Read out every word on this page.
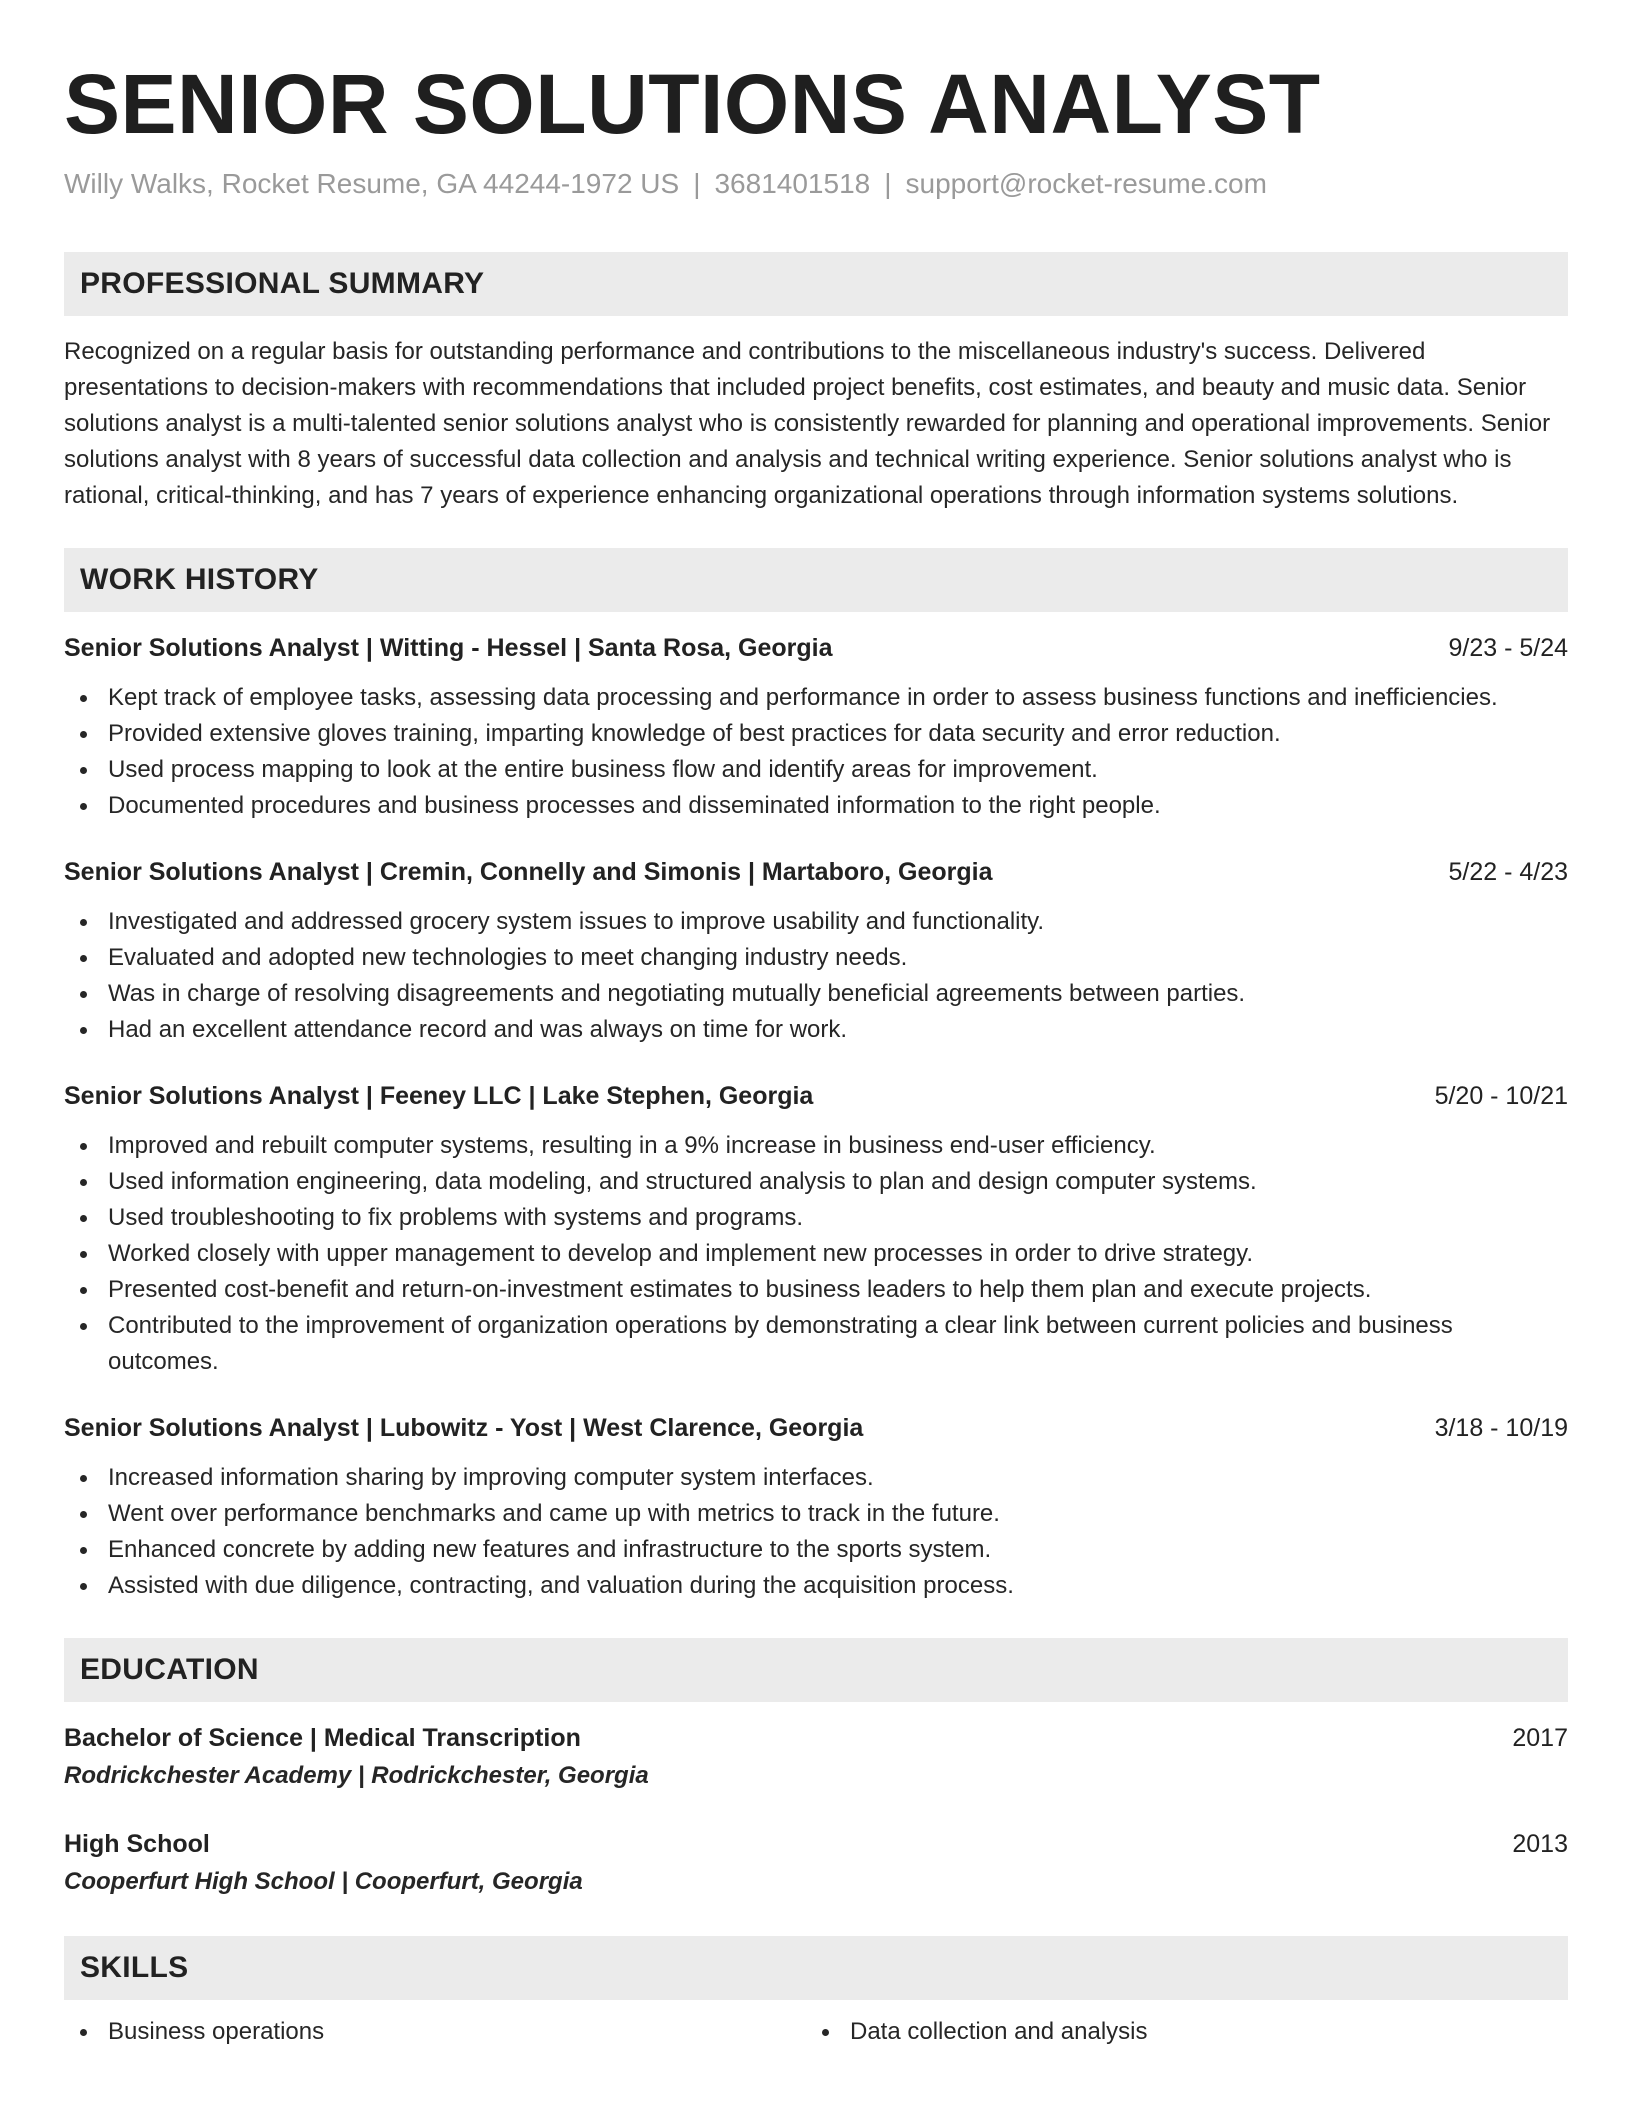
SENIOR SOLUTIONS ANALYST
Willy Walks, Rocket Resume, GA 44244-1972 US | 3681401518 | support@rocket-resume.com
PROFESSIONAL SUMMARY

Recognized on a regular basis for outstanding performance and contributions to the miscellaneous industry's success. Delivered presentations to decision-makers with recommendations that included project benefits, cost estimates, and beauty and music data. Senior solutions analyst is a multi-talented senior solutions analyst who is consistently rewarded for planning and operational improvements. Senior solutions analyst with 8 years of successful data collection and analysis and technical writing experience. Senior solutions analyst who is rational, critical-thinking, and has 7 years of experience enhancing organizational operations through information systems solutions.

WORK HISTORY
Senior Solutions Analyst | Witting - Hessel | Santa Rosa, Georgia	9/23 - 5/24
Kept track of employee tasks, assessing data processing and performance in order to assess business functions and inefficiencies.
Provided extensive gloves training, imparting knowledge of best practices for data security and error reduction.
Used process mapping to look at the entire business flow and identify areas for improvement.
Documented procedures and business processes and disseminated information to the right people.
Senior Solutions Analyst | Cremin, Connelly and Simonis | Martaboro, Georgia	5/22 - 4/23
Investigated and addressed grocery system issues to improve usability and functionality.
Evaluated and adopted new technologies to meet changing industry needs.
Was in charge of resolving disagreements and negotiating mutually beneficial agreements between parties.
Had an excellent attendance record and was always on time for work.
Senior Solutions Analyst | Feeney LLC | Lake Stephen, Georgia	5/20 - 10/21
Improved and rebuilt computer systems, resulting in a 9% increase in business end-user efficiency.
Used information engineering, data modeling, and structured analysis to plan and design computer systems.
Used troubleshooting to fix problems with systems and programs.
Worked closely with upper management to develop and implement new processes in order to drive strategy.
Presented cost-benefit and return-on-investment estimates to business leaders to help them plan and execute projects.
Contributed to the improvement of organization operations by demonstrating a clear link between current policies and business outcomes.
Senior Solutions Analyst | Lubowitz - Yost | West Clarence, Georgia	3/18 - 10/19
Increased information sharing by improving computer system interfaces.
Went over performance benchmarks and came up with metrics to track in the future.
Enhanced concrete by adding new features and infrastructure to the sports system.
Assisted with due diligence, contracting, and valuation during the acquisition process.
EDUCATION
Bachelor of Science | Medical Transcription	2017
Rodrickchester Academy | Rodrickchester, Georgia
High School	2013
Cooperfurt High School | Cooperfurt, Georgia
SKILLS
Business operations	Data collection and analysis
